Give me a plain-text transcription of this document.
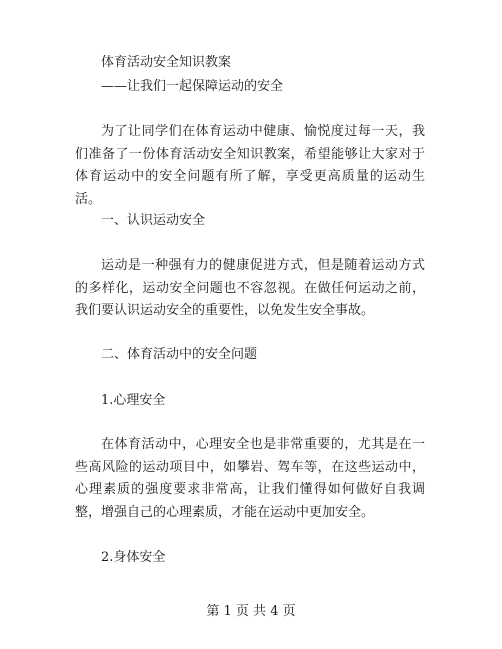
体育活动安全知识教案
——让我们一起保障运动的安全
为了让同学们在体育运动中健康、愉悦度过每一天，我们准备了一份体育活动安全知识教案，希望能够让大家对于体育运动中的安全问题有所了解，享受更高质量的运动生活。
一、认识运动安全
运动是一种强有力的健康促进方式，但是随着运动方式的多样化，运动安全问题也不容忽视。在做任何运动之前，我们要认识运动安全的重要性，以免发生安全事故。
二、体育活动中的安全问题
1.心理安全
在体育活动中，心理安全也是非常重要的，尤其是在一些高风险的运动项目中，如攀岩、驾车等，在这些运动中，心理素质的强度要求非常高，让我们懂得如何做好自我调整，增强自己的心理素质，才能在运动中更加安全。
2.身体安全
第 1 页 共 4 页
